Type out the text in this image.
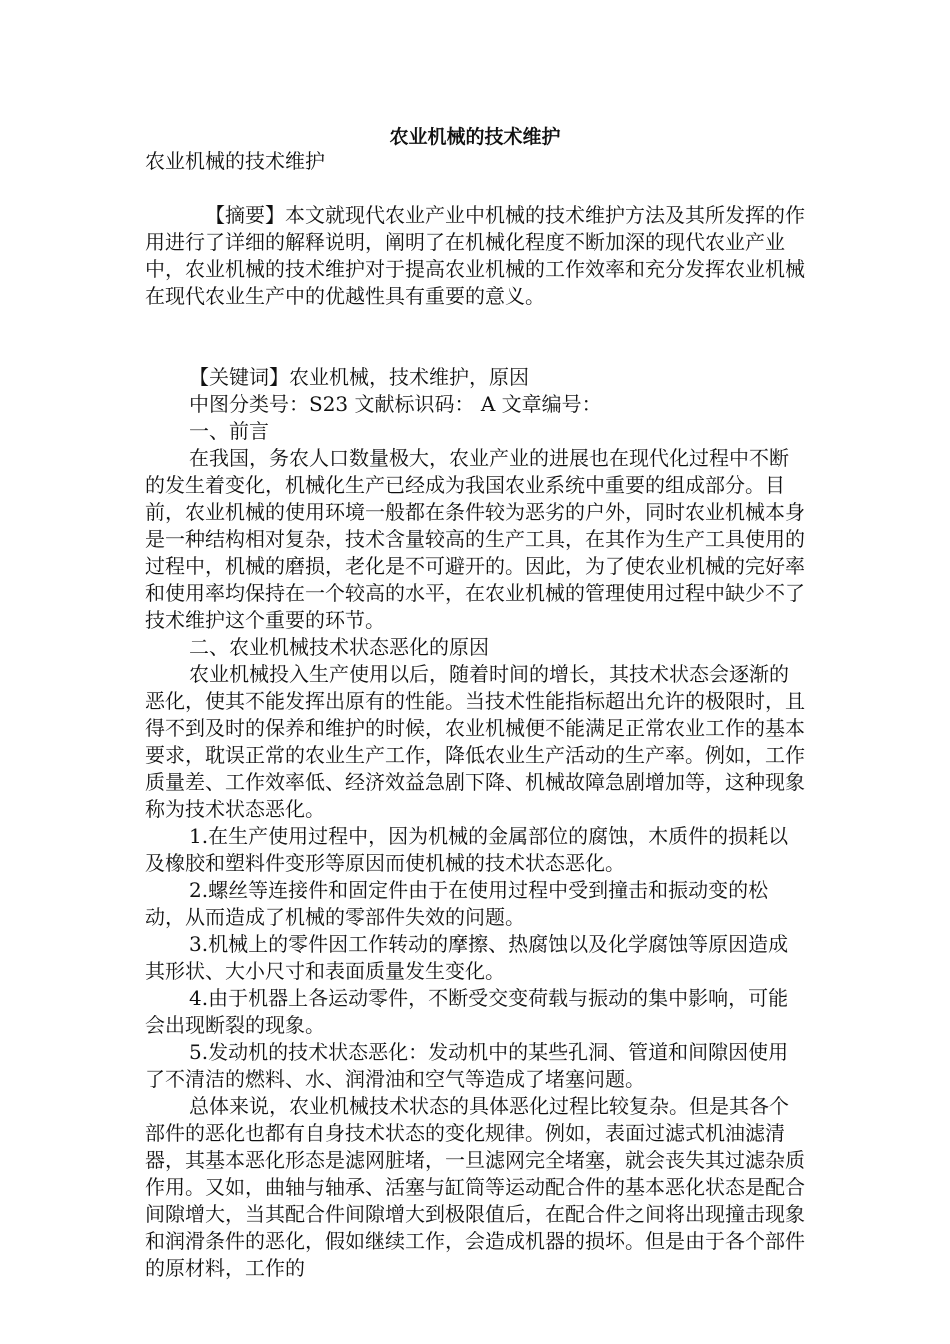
农业机械的技术维护

农业机械的技术维护

【摘要】本文就现代农业产业中机械的技术维护方法及其所发挥的作用进行了详细的解释说明，阐明了在机械化程度不断加深的现代农业产业中，农业机械的技术维护对于提高农业机械的工作效率和充分发挥农业机械在现代农业生产中的优越性具有重要的意义。

【关键词】农业机械，技术维护，原因

中图分类号：S23 文献标识码： A 文章编号：

一、前言

在我国，务农人口数量极大，农业产业的进展也在现代化过程中不断的发生着变化，机械化生产已经成为我国农业系统中重要的组成部分。目前，农业机械的使用环境一般都在条件较为恶劣的户外，同时农业机械本身是一种结构相对复杂，技术含量较高的生产工具，在其作为生产工具使用的过程中，机械的磨损，老化是不可避开的。因此，为了使农业机械的完好率和使用率均保持在一个较高的水平，在农业机械的管理使用过程中缺少不了技术维护这个重要的环节。

二、农业机械技术状态恶化的原因

农业机械投入生产使用以后，随着时间的增长，其技术状态会逐渐的恶化，使其不能发挥出原有的性能。当技术性能指标超出允许的极限时，且得不到及时的保养和维护的时候，农业机械便不能满足正常农业工作的基本要求，耽误正常的农业生产工作，降低农业生产活动的生产率。例如，工作质量差、工作效率低、经济效益急剧下降、机械故障急剧增加等，这种现象称为技术状态恶化。

1.在生产使用过程中，因为机械的金属部位的腐蚀，木质件的损耗以及橡胶和塑料件变形等原因而使机械的技术状态恶化。

2.螺丝等连接件和固定件由于在使用过程中受到撞击和振动变的松动，从而造成了机械的零部件失效的问题。

3.机械上的零件因工作转动的摩擦、热腐蚀以及化学腐蚀等原因造成其形状、大小尺寸和表面质量发生变化。

4.由于机器上各运动零件，不断受交变荷载与振动的集中影响，可能会出现断裂的现象。

5.发动机的技术状态恶化：发动机中的某些孔洞、管道和间隙因使用了不清洁的燃料、水、润滑油和空气等造成了堵塞问题。

总体来说，农业机械技术状态的具体恶化过程比较复杂。但是其各个部件的恶化也都有自身技术状态的变化规律。例如，表面过滤式机油滤清器，其基本恶化形态是滤网脏堵，一旦滤网完全堵塞，就会丧失其过滤杂质作用。又如，曲轴与轴承、活塞与缸筒等运动配合件的基本恶化状态是配合间隙增大，当其配合件间隙增大到极限值后，在配合件之间将出现撞击现象和润滑条件的恶化，假如继续工作，会造成机器的损坏。但是由于各个部件的原材料，工作的
